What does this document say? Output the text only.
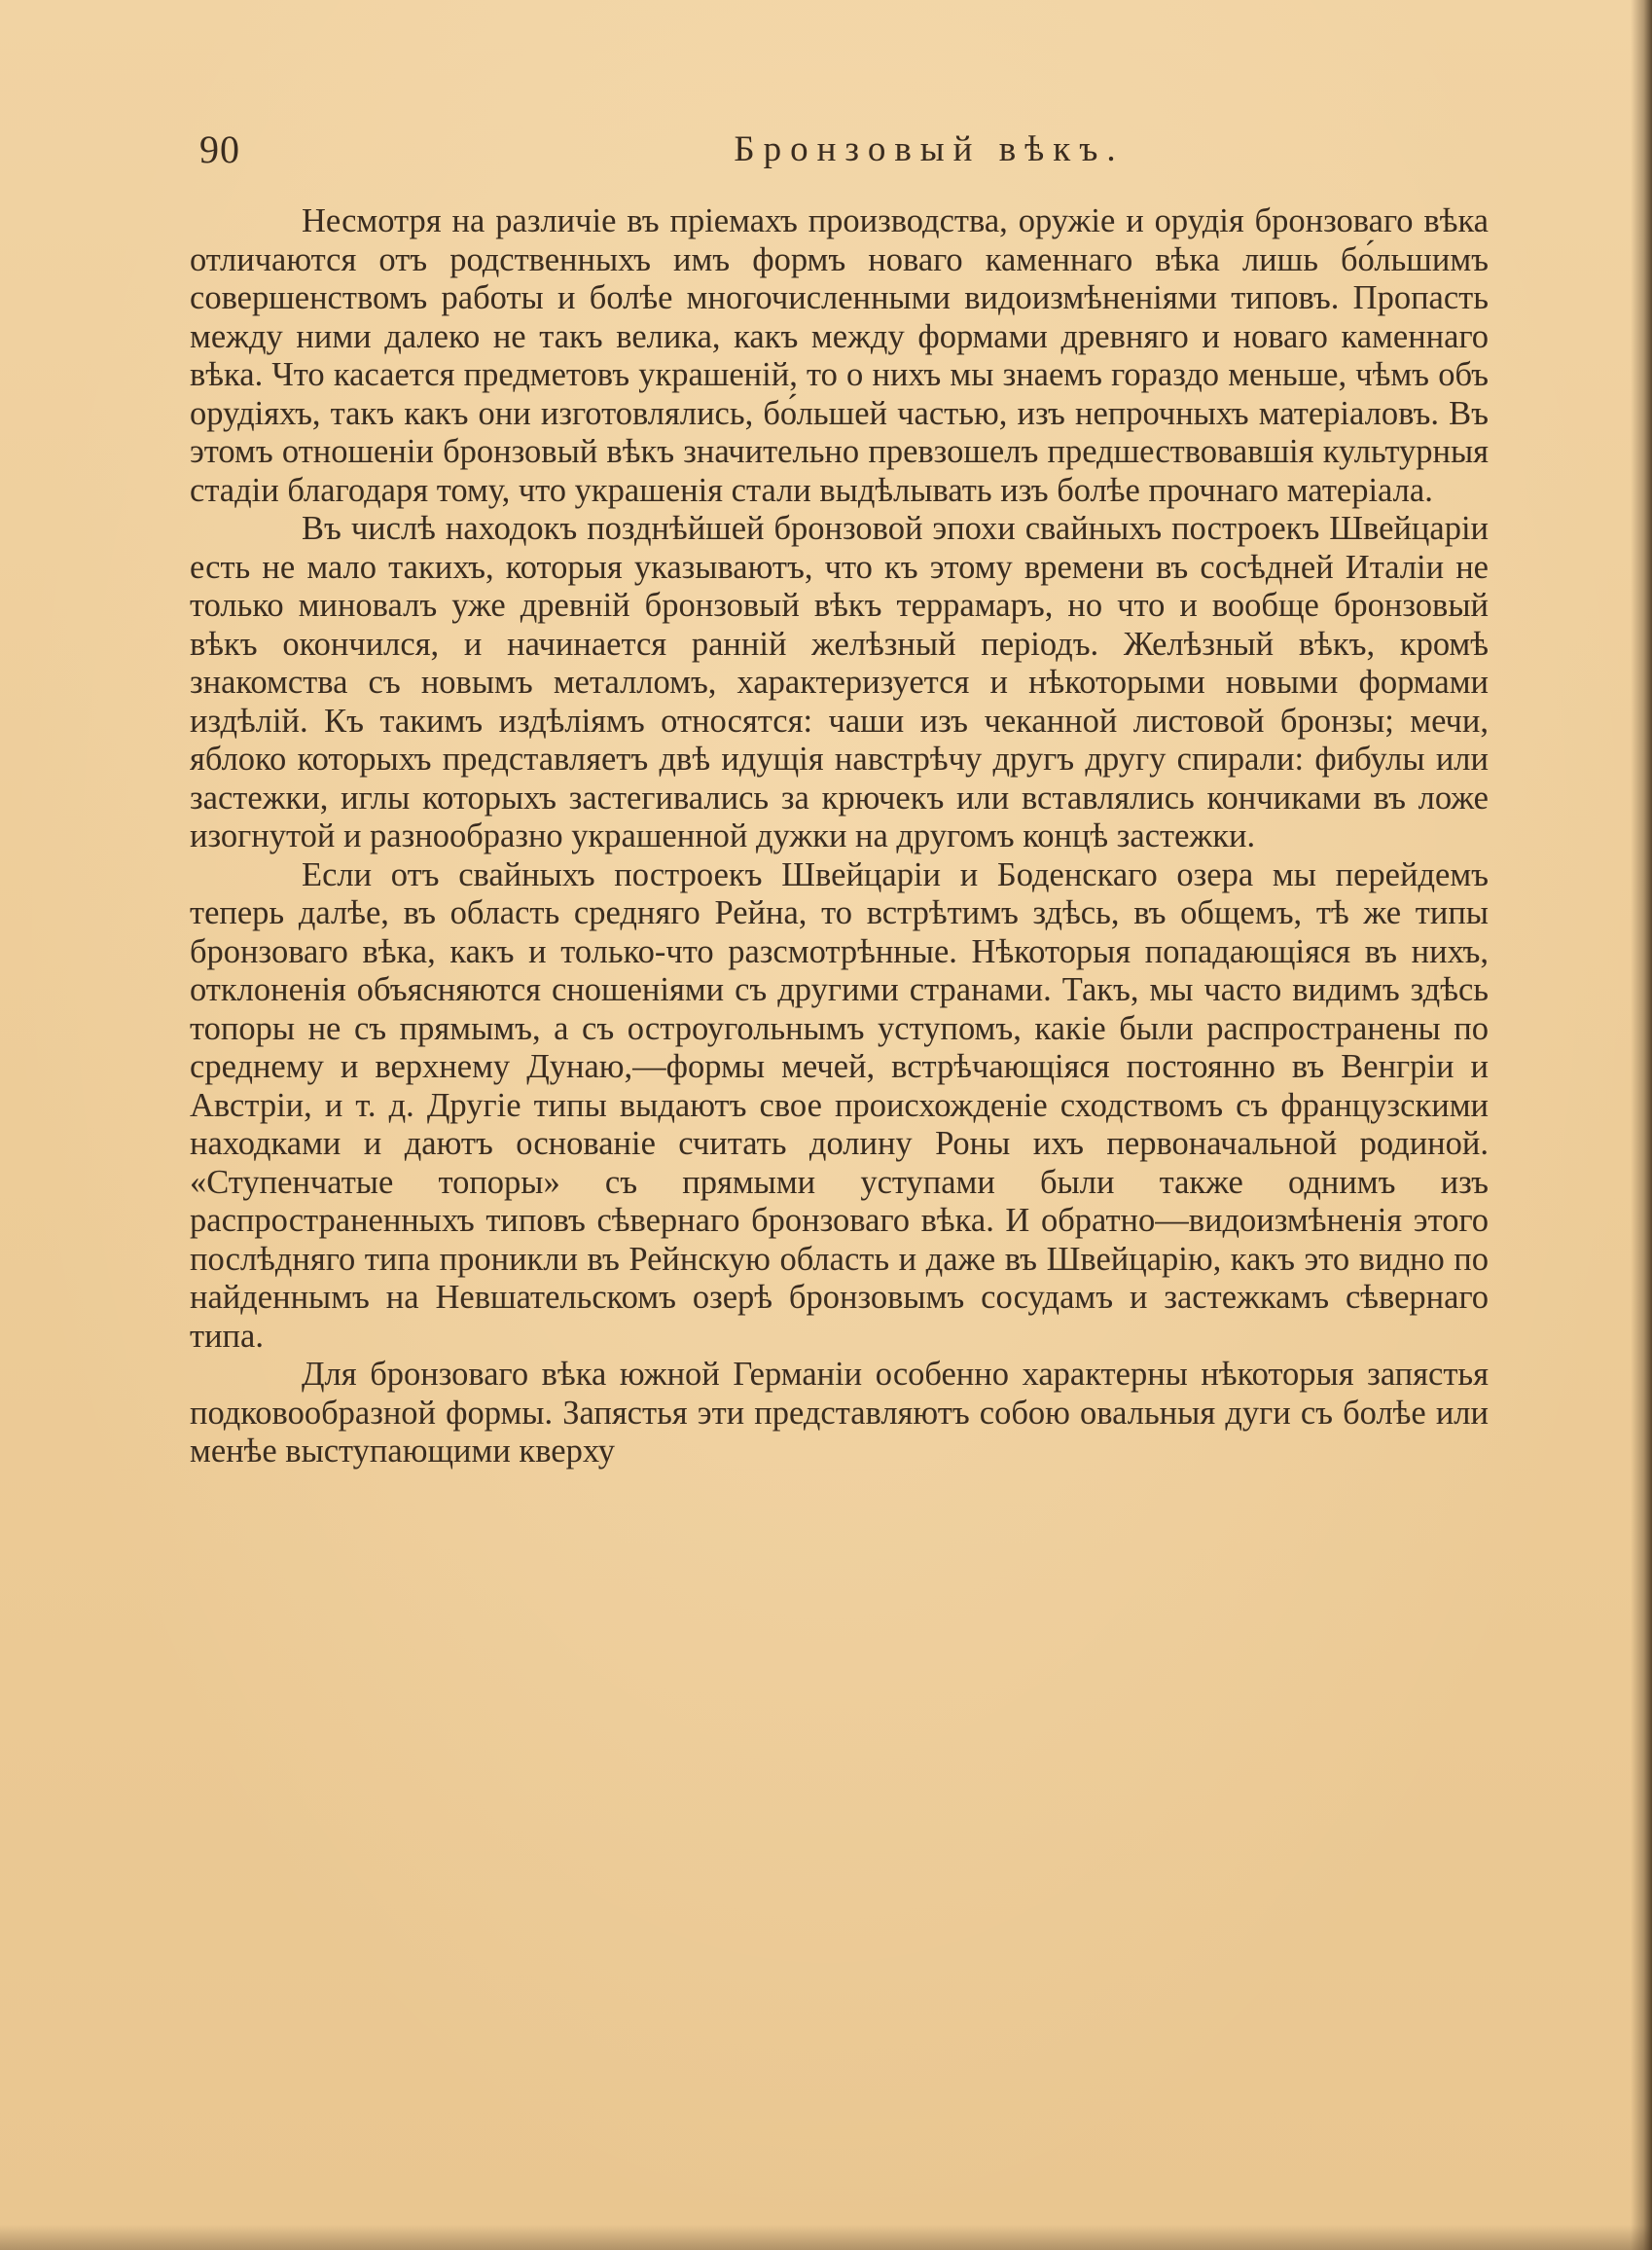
90	Бронзовый вѣкъ.

Несмотря на различіе въ пріемахъ производства, оружіе и орудія бронзоваго вѣка отличаются отъ родственныхъ имъ формъ новаго каменнаго вѣка лишь бо́льшимъ совершенствомъ работы и болѣе многочисленными видоизмѣненіями типовъ. Пропасть между ними далеко не такъ велика, какъ между формами древняго и новаго каменнаго вѣка. Что касается предметовъ украшеній, то о нихъ мы знаемъ гораздо меньше, чѣмъ объ орудіяхъ, такъ какъ они изготовлялись, бо́льшей частью, изъ непрочныхъ матеріаловъ. Въ этомъ отношеніи бронзовый вѣкъ значительно превзошелъ предшествовавшія культурныя стадіи благодаря тому, что украшенія стали выдѣлывать изъ болѣе прочнаго матеріала.

Въ числѣ находокъ позднѣйшей бронзовой эпохи свайныхъ построекъ Швейцаріи есть не мало такихъ, которыя указываютъ, что къ этому времени въ сосѣдней Италіи не только миновалъ уже древній бронзовый вѣкъ террамаръ, но что и вообще бронзовый вѣкъ окончился, и начинается ранній желѣзный періодъ. Желѣзный вѣкъ, кромѣ знакомства съ новымъ металломъ, характеризуется и нѣкоторыми новыми формами издѣлій. Къ такимъ издѣліямъ относятся: чаши изъ чеканной листовой бронзы; мечи, яблоко которыхъ представляетъ двѣ идущія навстрѣчу другъ другу спирали: фибулы или застежки, иглы которыхъ застегивались за крючекъ или вставлялись кончиками въ ложе изогнутой и разнообразно украшенной дужки на другомъ концѣ застежки.

Если отъ свайныхъ построекъ Швейцаріи и Боденскаго озера мы перейдемъ теперь далѣе, въ область средняго Рейна, то встрѣтимъ здѣсь, въ общемъ, тѣ же типы бронзоваго вѣка, какъ и только-что разсмотрѣнные. Нѣкоторыя попадающіяся въ нихъ, отклоненія объясняются сношеніями съ другими странами. Такъ, мы часто видимъ здѣсь топоры не съ прямымъ, а съ остроугольнымъ уступомъ, какіе были распространены по среднему и верхнему Дунаю,—формы мечей, встрѣчающіяся постоянно въ Венгріи и Австріи, и т. д. Другіе типы выдаютъ свое происхожденіе сходствомъ съ французскими находками и даютъ основаніе считать долину Роны ихъ первоначальной родиной. «Ступенчатые топоры» съ прямыми уступами были также однимъ изъ распространенныхъ типовъ сѣвернаго бронзоваго вѣка. И обратно—видоизмѣненія этого послѣдняго типа проникли въ Рейнскую область и даже въ Швейцарію, какъ это видно по найденнымъ на Невшательскомъ озерѣ бронзовымъ сосудамъ и застежкамъ сѣвернаго типа.

Для бронзоваго вѣка южной Германіи особенно характерны нѣкоторыя запястья подковообразной формы. Запястья эти представляютъ собою овальныя дуги съ болѣе или менѣе выступающими кверху
